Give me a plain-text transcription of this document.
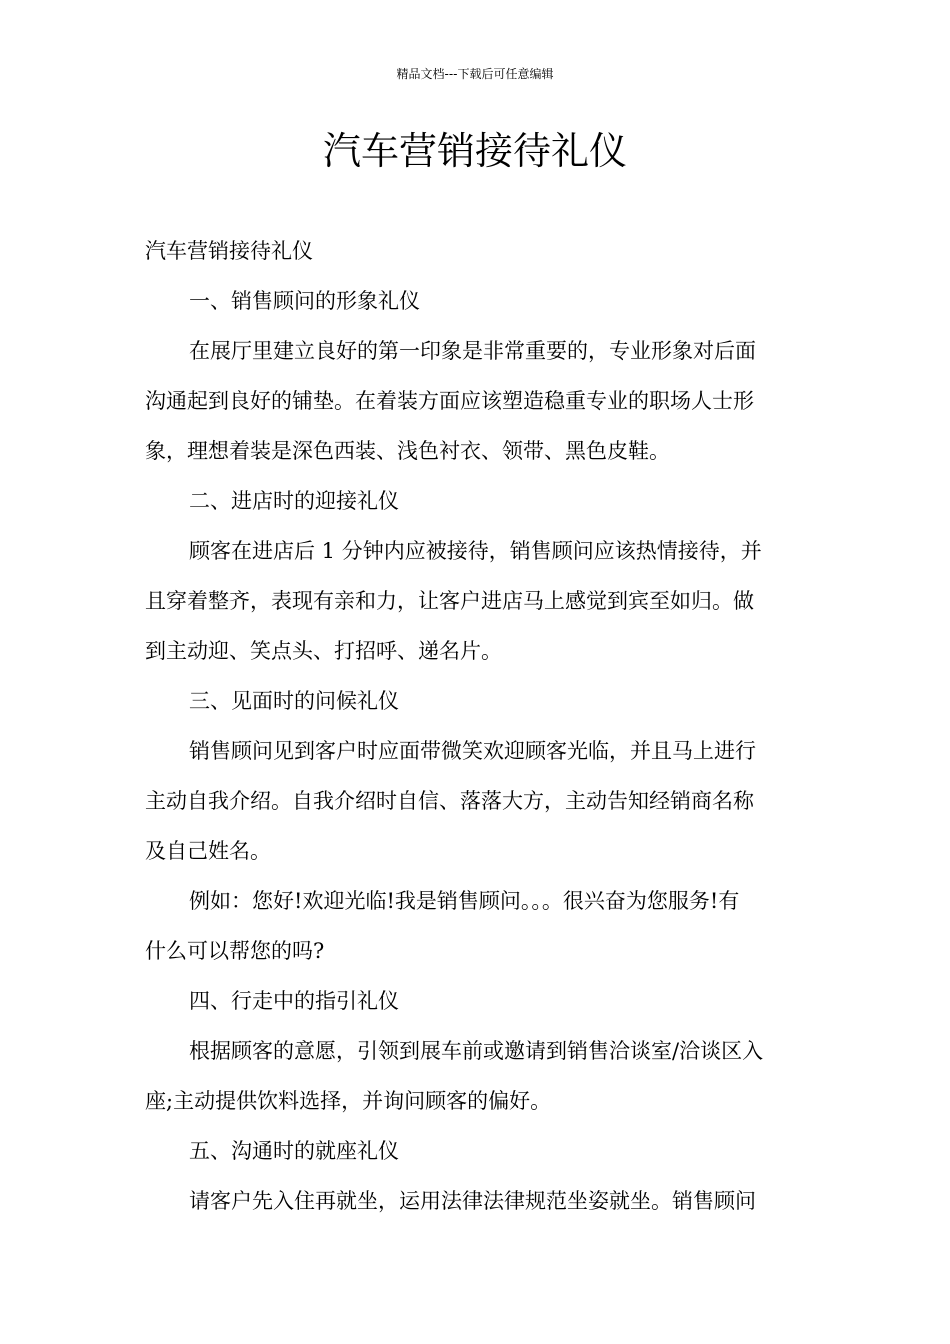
精品文档---下载后可任意编辑
汽车营销接待礼仪
汽车营销接待礼仪
一、销售顾问的形象礼仪
在展厅里建立良好的第一印象是非常重要的，专业形象对后面
沟通起到良好的铺垫。在着装方面应该塑造稳重专业的职场人士形
象，理想着装是深色西装、浅色衬衣、领带、黑色皮鞋。
二、进店时的迎接礼仪
顾客在进店后 1 分钟内应被接待，销售顾问应该热情接待，并
且穿着整齐，表现有亲和力，让客户进店马上感觉到宾至如归。做
到主动迎、笑点头、打招呼、递名片。
三、见面时的问候礼仪
销售顾问见到客户时应面带微笑欢迎顾客光临，并且马上进行
主动自我介绍。自我介绍时自信、落落大方，主动告知经销商名称
及自己姓名。
例如：您好!欢迎光临!我是销售顾问。。。很兴奋为您服务!有
什么可以帮您的吗?
四、行走中的指引礼仪
根据顾客的意愿，引领到展车前或邀请到销售洽谈室/洽谈区入
座;主动提供饮料选择，并询问顾客的偏好。
五、沟通时的就座礼仪
请客户先入住再就坐，运用法律法律规范坐姿就坐。销售顾问
